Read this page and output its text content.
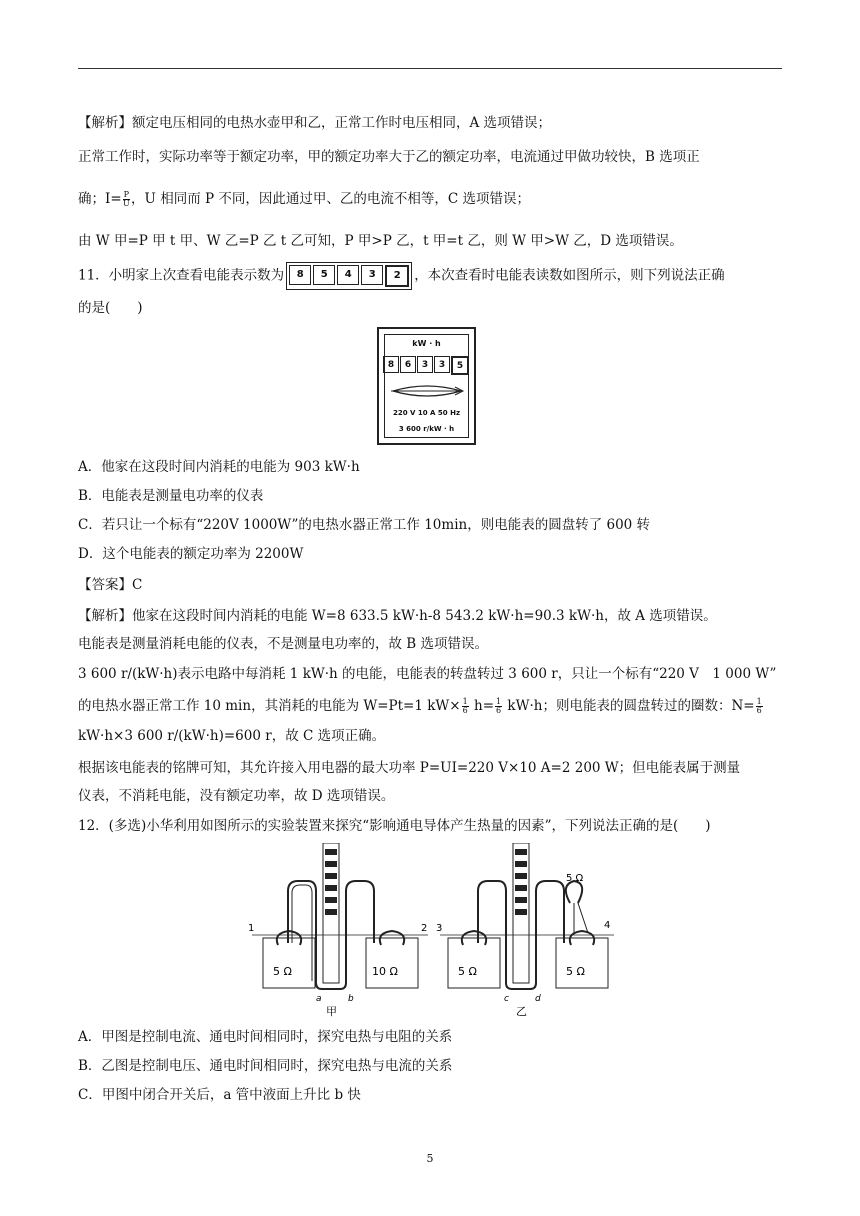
【解析】额定电压相同的电热水壶甲和乙，正常工作时电压相同，A 选项错误；
正常工作时，实际功率等于额定功率，甲的额定功率大于乙的额定功率，电流通过甲做功较快，B 选项正
确；$I= \frac{P}{U}$ ，U 相同而 P 不同，因此通过甲、乙的电流不相等，C 选项错误；
由 W 甲=P 甲 t 甲、W 乙=P 乙 t 乙可知，P 甲>P 乙，t 甲=t 乙，则 W 甲>W 乙，D 选项错误。
11．小明家上次查看电能表示数为	8	5	4	3	2	，本次查看时电能表读数如图所示，则下列说法正确
的是(　　)
kW · h
8	6	3	3	5
220 V 10 A 50 Hz
3 600 r/kW · h
A．他家在这段时间内消耗的电能为 903 kW·h
B．电能表是测量电功率的仪表
C．若只让一个标有“220V 1000W”的电热水器正常工作 10min，则电能表的圆盘转了 600 转
D．这个电能表的额定功率为 2200W
【答案】C
【解析】他家在这段时间内消耗的电能 W=8 633.5 kW·h-8 543.2 kW·h=90.3 kW·h，故 A 选项错误。
电能表是测量消耗电能的仪表，不是测量电功率的，故 B 选项错误。
3 600 r/(kW·h)表示电路中每消耗 1 kW·h 的电能，电能表的转盘转过 3 600 r，只让一个标有“220 V　1 000 W”
的电热水器正常工作 10 min，其消耗的电能为 W=Pt=1 $kW\times \frac{1}{6} h= \frac{1}{6} kW\cdot h$；则电能表的圆盘转过的圈数：$N= \frac{1}{6}$
kW·h×3 600 r/(kW·h)=600 r，故 C 选项正确。
根据该电能表的铭牌可知，其允许接入用电器的最大功率 P=UI=220 V×10 A=2 200 W；但电能表属于测量
仪表，不消耗电能，没有额定功率，故 D 选项错误。
12．(多选)小华利用如图所示的实验装置来探究“影响通电导体产生热量的因素”，下列说法正确的是(　　)
1	2
5 Ω	10 Ω
a	b
甲
5 Ω
3	4
5 Ω	5 Ω
c	d
乙
A．甲图是控制电流、通电时间相同时，探究电热与电阻的关系
B．乙图是控制电压、通电时间相同时，探究电热与电流的关系
C．甲图中闭合开关后，a 管中液面上升比 b 快
5
